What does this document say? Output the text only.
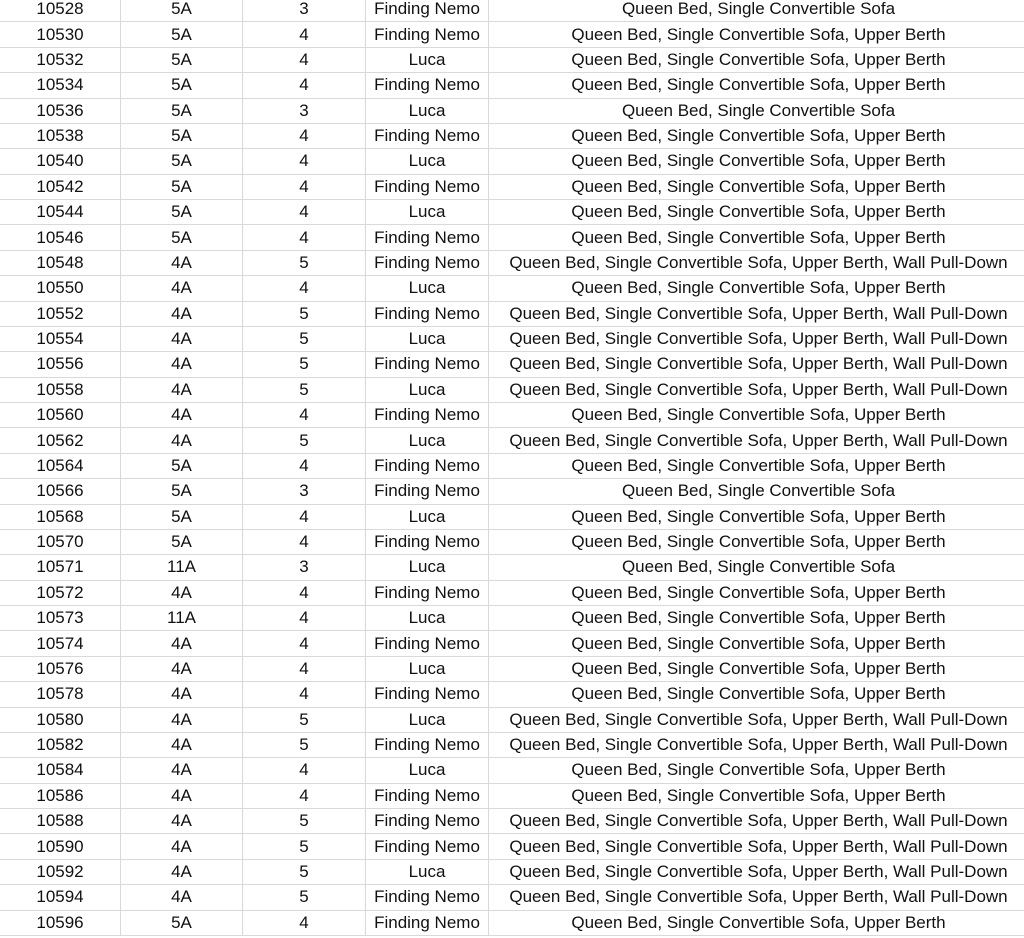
10528	5A	3	Finding Nemo	Queen Bed, Single Convertible Sofa
10530	5A	4	Finding Nemo	Queen Bed, Single Convertible Sofa, Upper Berth
10532	5A	4	Luca	Queen Bed, Single Convertible Sofa, Upper Berth
10534	5A	4	Finding Nemo	Queen Bed, Single Convertible Sofa, Upper Berth
10536	5A	3	Luca	Queen Bed, Single Convertible Sofa
10538	5A	4	Finding Nemo	Queen Bed, Single Convertible Sofa, Upper Berth
10540	5A	4	Luca	Queen Bed, Single Convertible Sofa, Upper Berth
10542	5A	4	Finding Nemo	Queen Bed, Single Convertible Sofa, Upper Berth
10544	5A	4	Luca	Queen Bed, Single Convertible Sofa, Upper Berth
10546	5A	4	Finding Nemo	Queen Bed, Single Convertible Sofa, Upper Berth
10548	4A	5	Finding Nemo	Queen Bed, Single Convertible Sofa, Upper Berth, Wall Pull-Down
10550	4A	4	Luca	Queen Bed, Single Convertible Sofa, Upper Berth
10552	4A	5	Finding Nemo	Queen Bed, Single Convertible Sofa, Upper Berth, Wall Pull-Down
10554	4A	5	Luca	Queen Bed, Single Convertible Sofa, Upper Berth, Wall Pull-Down
10556	4A	5	Finding Nemo	Queen Bed, Single Convertible Sofa, Upper Berth, Wall Pull-Down
10558	4A	5	Luca	Queen Bed, Single Convertible Sofa, Upper Berth, Wall Pull-Down
10560	4A	4	Finding Nemo	Queen Bed, Single Convertible Sofa, Upper Berth
10562	4A	5	Luca	Queen Bed, Single Convertible Sofa, Upper Berth, Wall Pull-Down
10564	5A	4	Finding Nemo	Queen Bed, Single Convertible Sofa, Upper Berth
10566	5A	3	Finding Nemo	Queen Bed, Single Convertible Sofa
10568	5A	4	Luca	Queen Bed, Single Convertible Sofa, Upper Berth
10570	5A	4	Finding Nemo	Queen Bed, Single Convertible Sofa, Upper Berth
10571	11A	3	Luca	Queen Bed, Single Convertible Sofa
10572	4A	4	Finding Nemo	Queen Bed, Single Convertible Sofa, Upper Berth
10573	11A	4	Luca	Queen Bed, Single Convertible Sofa, Upper Berth
10574	4A	4	Finding Nemo	Queen Bed, Single Convertible Sofa, Upper Berth
10576	4A	4	Luca	Queen Bed, Single Convertible Sofa, Upper Berth
10578	4A	4	Finding Nemo	Queen Bed, Single Convertible Sofa, Upper Berth
10580	4A	5	Luca	Queen Bed, Single Convertible Sofa, Upper Berth, Wall Pull-Down
10582	4A	5	Finding Nemo	Queen Bed, Single Convertible Sofa, Upper Berth, Wall Pull-Down
10584	4A	4	Luca	Queen Bed, Single Convertible Sofa, Upper Berth
10586	4A	4	Finding Nemo	Queen Bed, Single Convertible Sofa, Upper Berth
10588	4A	5	Finding Nemo	Queen Bed, Single Convertible Sofa, Upper Berth, Wall Pull-Down
10590	4A	5	Finding Nemo	Queen Bed, Single Convertible Sofa, Upper Berth, Wall Pull-Down
10592	4A	5	Luca	Queen Bed, Single Convertible Sofa, Upper Berth, Wall Pull-Down
10594	4A	5	Finding Nemo	Queen Bed, Single Convertible Sofa, Upper Berth, Wall Pull-Down
10596	5A	4	Finding Nemo	Queen Bed, Single Convertible Sofa, Upper Berth
